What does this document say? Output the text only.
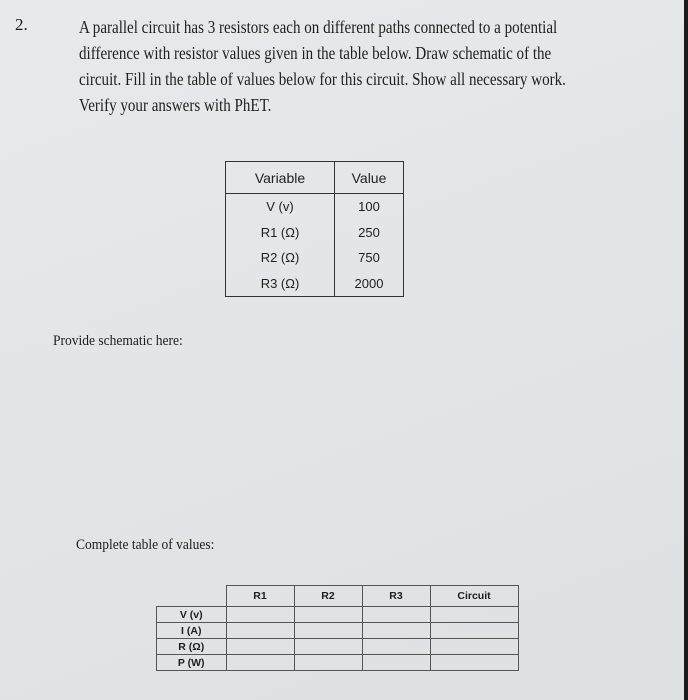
2.	A parallel circuit has 3 resistors each on different paths connected to a potential
difference with resistor values given in the table below. Draw schematic of the
circuit. Fill in the table of values below for this circuit. Show all necessary work.
Verify your answers with PhET.
Variable	Value
V (v)	100
R1 (Ω)	250
R2 (Ω)	750
R3 (Ω)	2000
Provide schematic here:
Complete table of values:
	R1	R2	R3	Circuit
V (v)				
I (A)				
R (Ω)				
P (W)				
